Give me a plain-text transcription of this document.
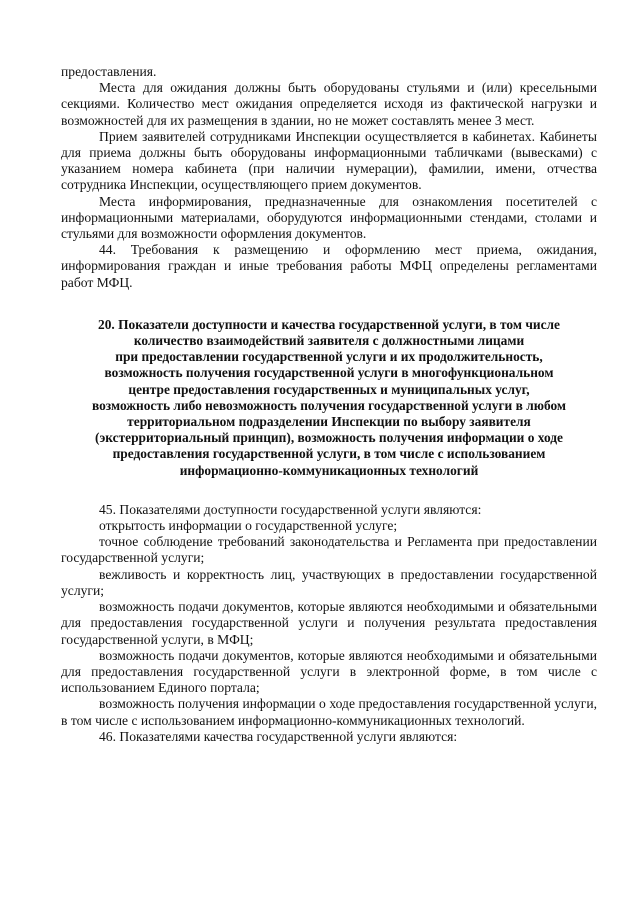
предоставления.

Места для ожидания должны быть оборудованы стульями и (или) кресельными секциями. Количество мест ожидания определяется исходя из фактической нагрузки и возможностей для их размещения в здании, но не может составлять менее 3 мест.

Прием заявителей сотрудниками Инспекции осуществляется в кабинетах. Кабинеты для приема должны быть оборудованы информационными табличками (вывесками) с указанием номера кабинета (при наличии нумерации), фамилии, имени, отчества сотрудника Инспекции, осуществляющего прием документов.

Места информирования, предназначенные для ознакомления посетителей с информационными материалами, оборудуются информационными стендами, столами и стульями для возможности оформления документов.

44. Требования к размещению и оформлению мест приема, ожидания, информирования граждан и иные требования работы МФЦ определены регламентами работ МФЦ.

20. Показатели доступности и качества государственной услуги, в том числе
количество взаимодействий заявителя с должностными лицами
при предоставлении государственной услуги и их продолжительность,
возможность получения государственной услуги в многофункциональном
центре предоставления государственных и муниципальных услуг,
возможность либо невозможность получения государственной услуги в любом
территориальном подразделении Инспекции по выбору заявителя
(экстерриториальный принцип), возможность получения информации о ходе
предоставления государственной услуги, в том числе с использованием
информационно-коммуникационных технологий

45. Показателями доступности государственной услуги являются:

открытость информации о государственной услуге;

точное соблюдение требований законодательства и Регламента при предоставлении государственной услуги;

вежливость и корректность лиц, участвующих в предоставлении государственной услуги;

возможность подачи документов, которые являются необходимыми и обязательными для предоставления государственной услуги и получения результата предоставления государственной услуги, в МФЦ;

возможность подачи документов, которые являются необходимыми и обязательными для предоставления государственной услуги в электронной форме, в том числе с использованием Единого портала;

возможность получения информации о ходе предоставления государственной услуги, в том числе с использованием информационно-коммуникационных технологий.

46. Показателями качества государственной услуги являются:
